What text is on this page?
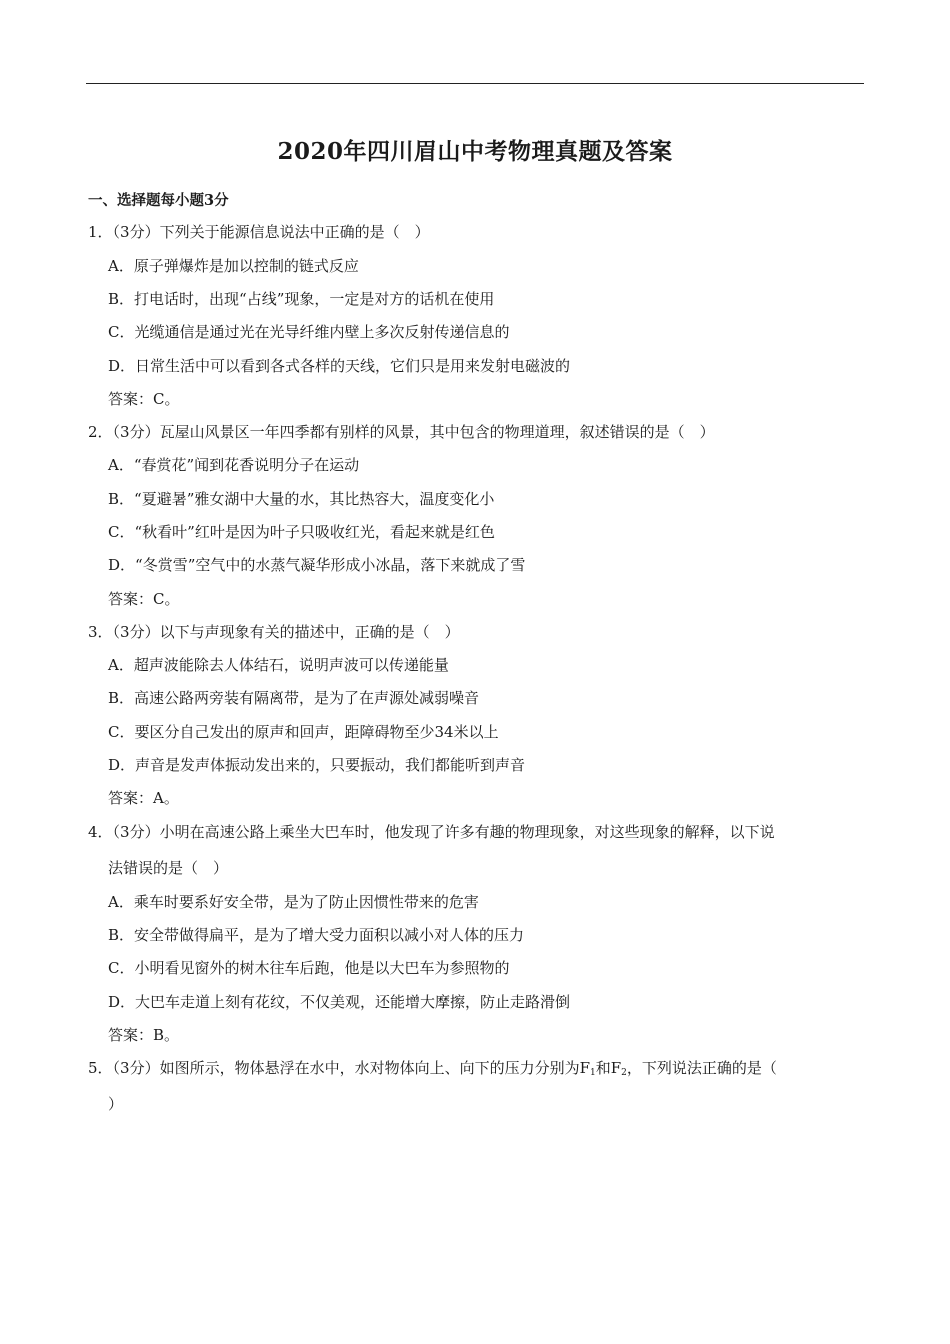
2020年四川眉山中考物理真题及答案
一、选择题每小题3分
1．（3分）下列关于能源信息说法中正确的是（　）
A．原子弹爆炸是加以控制的链式反应
B．打电话时，出现“占线”现象，一定是对方的话机在使用
C．光缆通信是通过光在光导纤维内壁上多次反射传递信息的
D．日常生活中可以看到各式各样的天线，它们只是用来发射电磁波的
答案：C。
2．（3分）瓦屋山风景区一年四季都有别样的风景，其中包含的物理道理，叙述错误的是（　）
A．“春赏花”闻到花香说明分子在运动
B．“夏避暑”雅女湖中大量的水，其比热容大，温度变化小
C．“秋看叶”红叶是因为叶子只吸收红光，看起来就是红色
D．“冬赏雪”空气中的水蒸气凝华形成小冰晶，落下来就成了雪
答案：C。
3．（3分）以下与声现象有关的描述中，正确的是（　）
A．超声波能除去人体结石，说明声波可以传递能量
B．高速公路两旁装有隔离带，是为了在声源处减弱噪音
C．要区分自己发出的原声和回声，距障碍物至少34米以上
D．声音是发声体振动发出来的，只要振动，我们都能听到声音
答案：A。
4．（3分）小明在高速公路上乘坐大巴车时，他发现了许多有趣的物理现象，对这些现象的解释，以下说
法错误的是（　）
A．乘车时要系好安全带，是为了防止因惯性带来的危害
B．安全带做得扁平，是为了增大受力面积以减小对人体的压力
C．小明看见窗外的树木往车后跑，他是以大巴车为参照物的
D．大巴车走道上刻有花纹，不仅美观，还能增大摩擦，防止走路滑倒
答案：B。
5．（3分）如图所示，物体悬浮在水中，水对物体向上、向下的压力分别为$F_1$和$F_2$，下列说法正确的是（
）
